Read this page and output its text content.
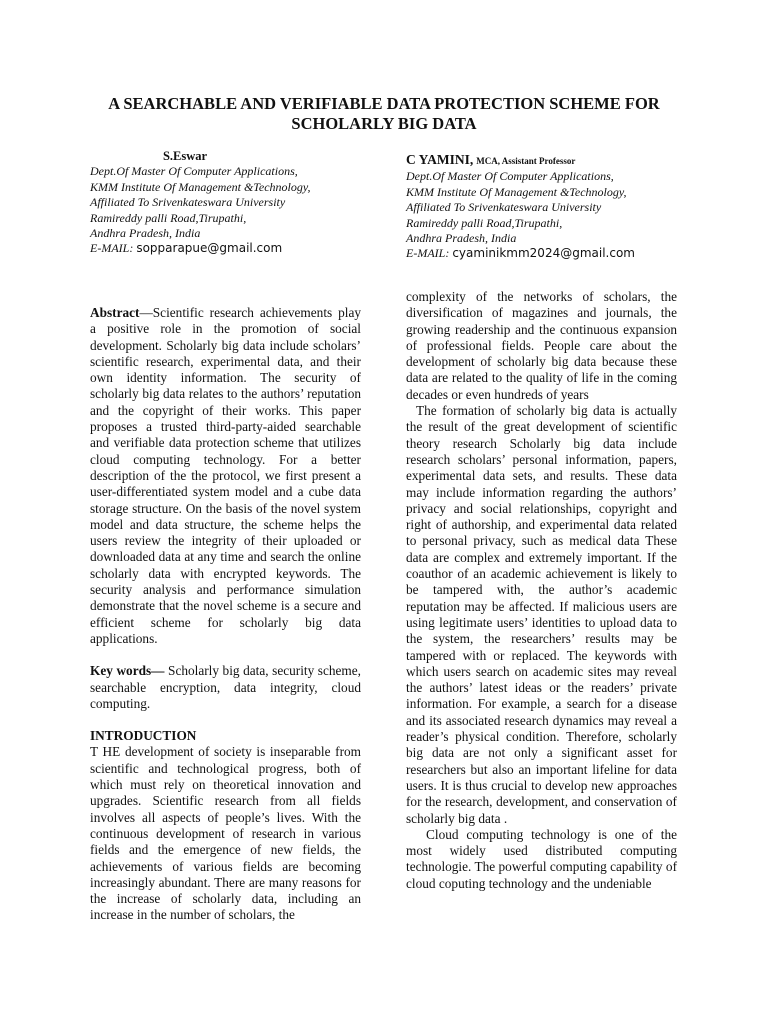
A SEARCHABLE AND VERIFIABLE DATA PROTECTION SCHEME FOR SCHOLARLY BIG DATA
S.Eswar
Dept.Of Master Of Computer Applications,
KMM Institute Of Management &Technology,
Affiliated To Srivenkateswara University
Ramireddy palli Road,Tirupathi,
Andhra Pradesh, India
E-MAIL: sopparapue@gmail.com
C YAMINI, MCA, Assistant Professor
Dept.Of Master Of Computer Applications,
KMM Institute Of Management &Technology,
Affiliated To Srivenkateswara University
Ramireddy palli Road,Tirupathi,
Andhra Pradesh, India
E-MAIL: cyaminikmm2024@gmail.com

Abstract—Scientific research achievements play a positive role in the promotion of social development. Scholarly big data include scholars’ scientific research, experimental data, and their own identity information. The security of scholarly big data relates to the authors’ reputation and the copyright of their works. This paper proposes a trusted third-party-aided searchable and verifiable data protection scheme that utilizes cloud computing technology. For a better description of the the protocol, we first present a user-differentiated system model and a cube data storage structure. On the basis of the novel system model and data structure, the scheme helps the users review the integrity of their uploaded or downloaded data at any time and search the online scholarly data with encrypted keywords. The security analysis and performance simulation demonstrate that the novel scheme is a secure and efficient scheme for scholarly big data applications.

Key words— Scholarly big data, security scheme, searchable encryption, data integrity, cloud computing.

INTRODUCTION

T HE development of society is inseparable from scientific and technological progress, both of which must rely on theoretical innovation and upgrades. Scientific research from all fields involves all aspects of people’s lives. With the continuous development of research in various fields and the emergence of new fields, the achievements of various fields are becoming increasingly abundant. There are many reasons for the increase of scholarly data, including an increase in the number of scholars, the

complexity of the networks of scholars, the diversification of magazines and journals, the growing readership and the continuous expansion of professional fields. People care about the development of scholarly big data because these data are related to the quality of life in the coming decades or even hundreds of years

The formation of scholarly big data is actually the result of the great development of scientific theory research Scholarly big data include research scholars’ personal information, papers, experimental data sets, and results. These data may include information regarding the authors’ privacy and social relationships, copyright and right of authorship, and experimental data related to personal privacy, such as medical data These data are complex and extremely important. If the coauthor of an academic achievement is likely to be tampered with, the author’s academic reputation may be affected. If malicious users are using legitimate users’ identities to upload data to the system, the researchers’ results may be tampered with or replaced. The keywords with which users search on academic sites may reveal the authors’ latest ideas or the readers’ private information. For example, a search for a disease and its associated research dynamics may reveal a reader’s physical condition. Therefore, scholarly big data are not only a significant asset for researchers but also an important lifeline for data users. It is thus crucial to develop new approaches for the research, development, and conservation of scholarly big data .

Cloud computing technology is one of the most widely used distributed computing technologie. The powerful computing capability of cloud coputing technology and the undeniable
